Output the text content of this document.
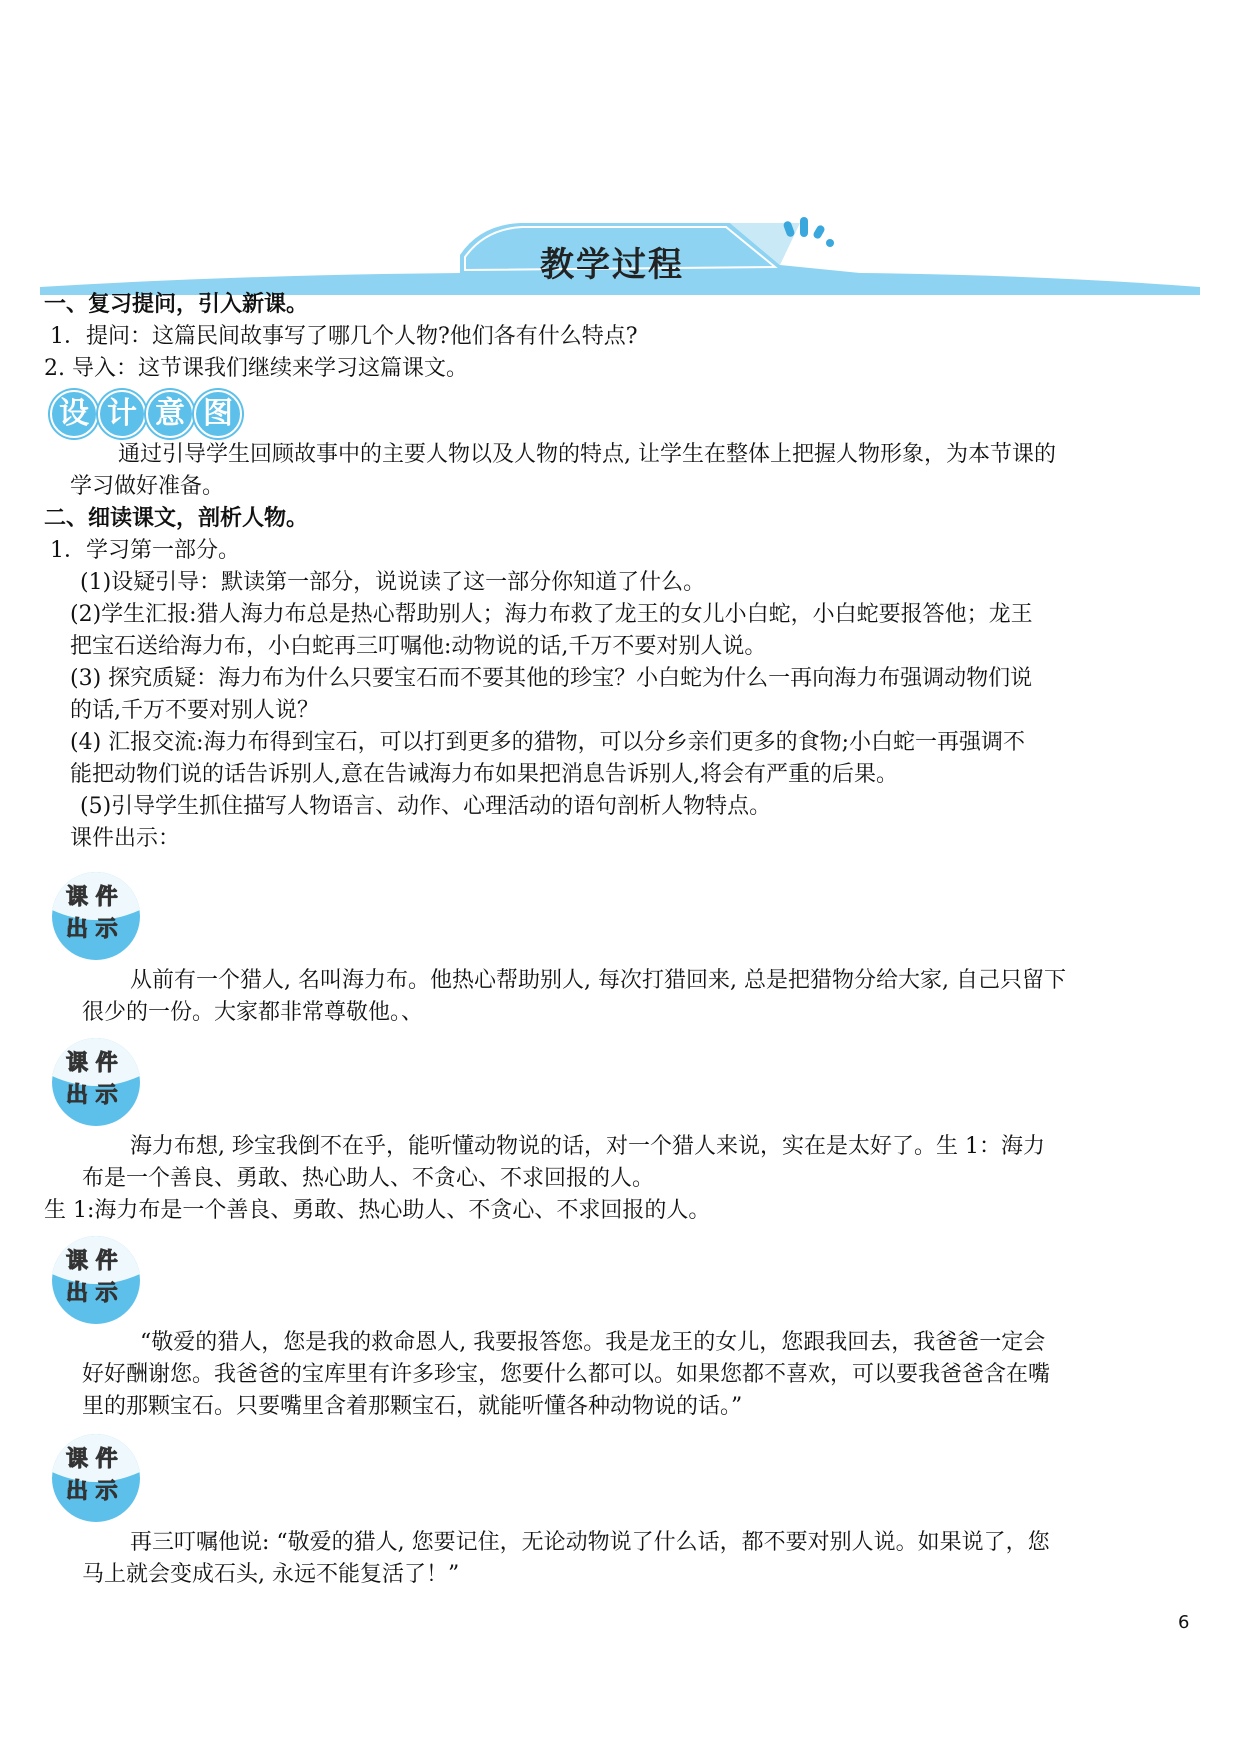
教学过程
一、复习提问，引入新课。
1．提问：这篇民间故事写了哪几个人物?他们各有什么特点?
2. 导入：这节课我们继续来学习这篇课文。
设 计 意 图
通过引导学生回顾故事中的主要人物以及人物的特点, 让学生在整体上把握人物形象，为本节课的
学习做好准备。
二、细读课文，剖析人物。
1．学习第一部分。
(1)设疑引导：默读第一部分，说说读了这一部分你知道了什么。
(2)学生汇报:猎人海力布总是热心帮助别人；海力布救了龙王的女儿小白蛇，小白蛇要报答他；龙王
把宝石送给海力布，小白蛇再三叮嘱他:动物说的话,千万不要对别人说。
(3) 探究质疑：海力布为什么只要宝石而不要其他的珍宝？小白蛇为什么一再向海力布强调动物们说
的话,千万不要对别人说？
(4) 汇报交流:海力布得到宝石，可以打到更多的猎物，可以分乡亲们更多的食物;小白蛇一再强调不
能把动物们说的话告诉别人,意在告诫海力布如果把消息告诉别人,将会有严重的后果。
(5)引导学生抓住描写人物语言、动作、心理活动的语句剖析人物特点。
课件出示：
课 件
出 示
从前有一个猎人, 名叫海力布。他热心帮助别人, 每次打猎回来, 总是把猎物分给大家, 自己只留下
很少的一份。大家都非常尊敬他。、
课 件
出 示
海力布想, 珍宝我倒不在乎，能听懂动物说的话，对一个猎人来说，实在是太好了。生 1：海力
布是一个善良、勇敢、热心助人、不贪心、不求回报的人。
生 1:海力布是一个善良、勇敢、热心助人、不贪心、不求回报的人。
课 件
出 示
“敬爱的猎人，您是我的救命恩人, 我要报答您。我是龙王的女儿，您跟我回去，我爸爸一定会
好好酬谢您。我爸爸的宝库里有许多珍宝，您要什么都可以。如果您都不喜欢，可以要我爸爸含在嘴
里的那颗宝石。只要嘴里含着那颗宝石，就能听懂各种动物说的话。”
课 件
出 示
再三叮嘱他说: “敬爱的猎人, 您要记住，无论动物说了什么话，都不要对别人说。如果说了，您
马上就会变成石头, 永远不能复活了！”
6
